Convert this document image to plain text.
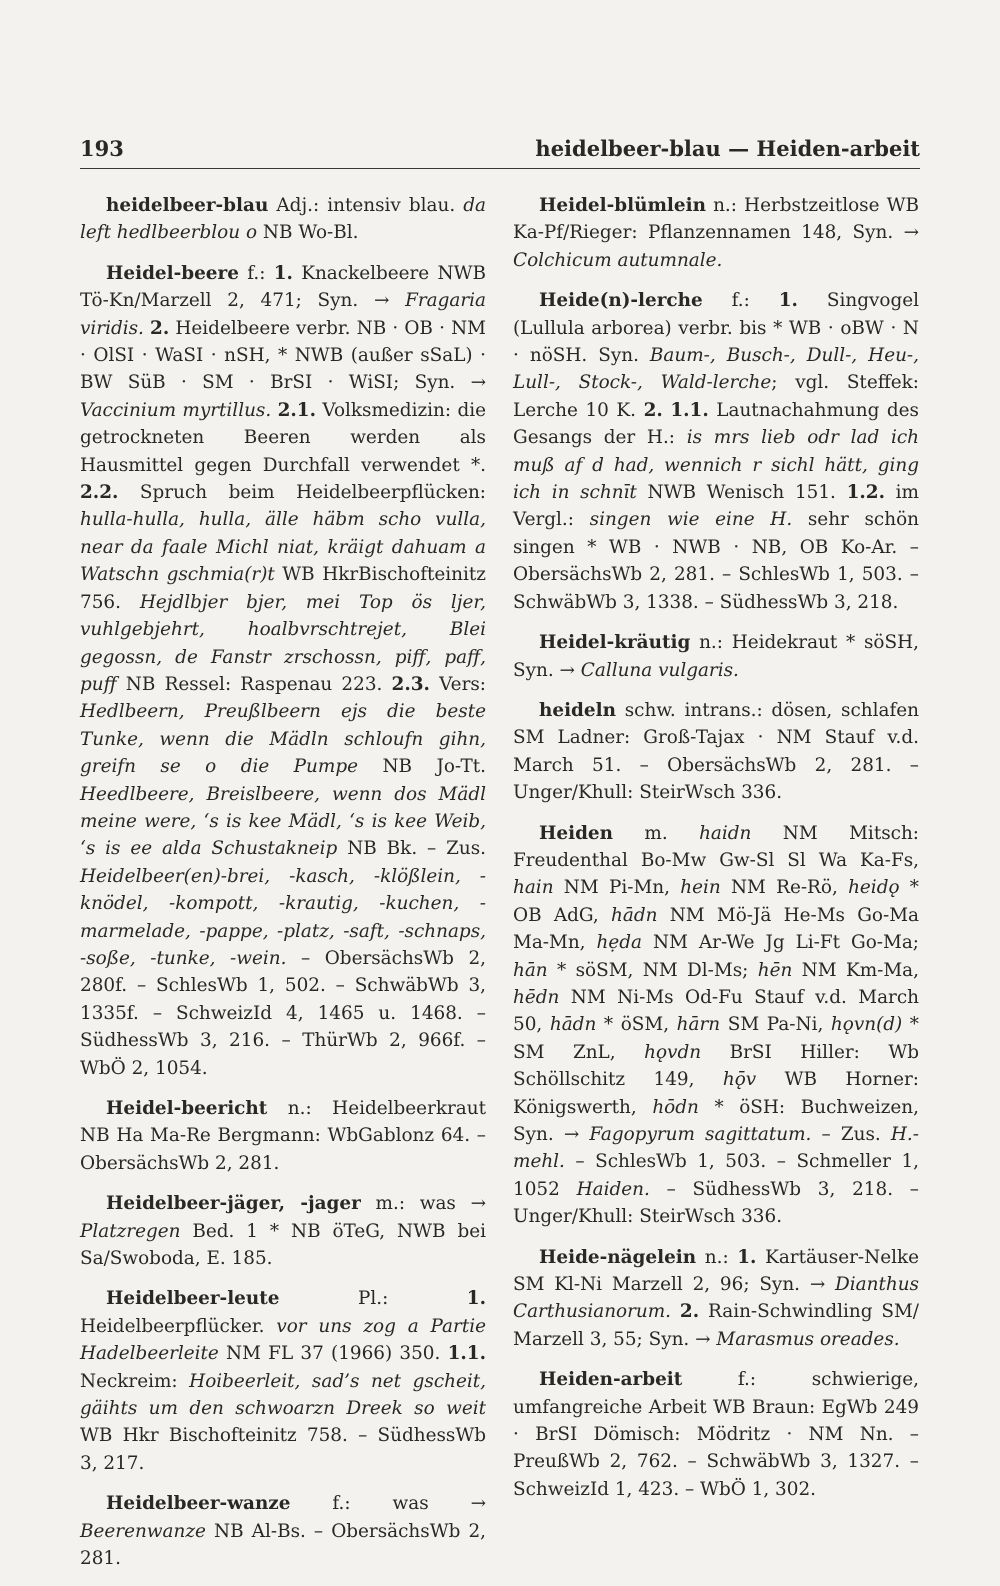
193	heidelbeer-blau — Heiden-arbeit

heidelbeer-blau Adj.: intensiv blau. da left hedlbeerblou o NB Wo-Bl.

Heidel-beere f.: 1. Knackelbeere NWB Tö-Kn/Marzell 2, 471; Syn. → Fragaria viridis. 2. Heidelbeere verbr. NB · OB · NM · OlSI · WaSI · nSH, * NWB (außer sSaL) · BW SüB · SM · BrSI · WiSI; Syn. → Vaccinium myrtillus. 2.1. Volksmedizin: die getrockneten Beeren werden als Hausmittel gegen Durchfall verwendet *. 2.2. Spruch beim Heidelbeerpflücken: hulla-hulla, hulla, älle häbm scho vulla, near da faale Michl niat, kräigt dahuam a Watschn gschmia(r)t WB HkrBischofteinitz 756. Hejdlbjer bjer, mei Top ös ljer, vuhlgebjehrt, hoalbvrschtrejet, Blei gegossn, de Fanstr zrschossn, piff, paff, puff NB Ressel: Raspenau 223. 2.3. Vers: Hedlbeern, Preußlbeern ejs die beste Tunke, wenn die Mädln schloufn gihn, greifn se o die Pumpe NB Jo-Tt. Heedlbeere, Breislbeere, wenn dos Mädl meine were, ‘s is kee Mädl, ‘s is kee Weib, ‘s is ee alda Schustakneip NB Bk. – Zus. Heidelbeer(en)-brei, -kasch, -klößlein, -knödel, -kompott, -krautig, -kuchen, -marmelade, -pappe, -platz, -saft, -schnaps, -soße, -tunke, -wein. – ObersächsWb 2, 280f. – SchlesWb 1, 502. – SchwäbWb 3, 1335f. – SchweizId 4, 1465 u. 1468. – SüdhessWb 3, 216. – ThürWb 2, 966f. – WbÖ 2, 1054.

Heidel-beericht n.: Heidelbeerkraut NB Ha Ma-Re Bergmann: WbGablonz 64. – ObersächsWb 2, 281.

Heidelbeer-jäger, -jager m.: was → Platzregen Bed. 1 * NB öTeG, NWB bei Sa/Swoboda, E. 185.

Heidelbeer-leute Pl.: 1. Heidelbeerpflücker. vor uns zog a Partie Hadelbeerleite NM FL 37 (1966) 350. 1.1. Neckreim: Hoibeerleit, sad’s net gscheit, gäihts um den schwoarzn Dreek so weit WB Hkr Bischofteinitz 758. – SüdhessWb 3, 217.

Heidelbeer-wanze f.: was → Beerenwanze NB Al-Bs. – ObersächsWb 2, 281.

Heidel-blümlein n.: Herbstzeitlose WB Ka-Pf/Rieger: Pflanzennamen 148, Syn. → Colchicum autumnale.

Heide(n)-lerche f.: 1. Singvogel (Lullula arborea) verbr. bis * WB · oBW · N · nöSH. Syn. Baum-, Busch-, Dull-, Heu-, Lull-, Stock-, Wald-lerche; vgl. Steffek: Lerche 10 K. 2. 1.1. Lautnachahmung des Gesangs der H.: is mrs lieb odr lad ich muß af d had, wennich r sichl hätt, ging ich in schnīt NWB Wenisch 151. 1.2. im Vergl.: singen wie eine H. sehr schön singen * WB · NWB · NB, OB Ko-Ar. – ObersächsWb 2, 281. – SchlesWb 1, 503. – SchwäbWb 3, 1338. – SüdhessWb 3, 218.

Heidel-kräutig n.: Heidekraut * söSH, Syn. → Calluna vulgaris.

heideln schw. intrans.: dösen, schlafen SM Ladner: Groß-Tajax · NM Stauf v.d. March 51. – ObersächsWb 2, 281. – Unger/Khull: SteirWsch 336.

Heiden m. haidn NM Mitsch: Freudenthal Bo-Mw Gw-Sl Sl Wa Ka-Fs, hain NM Pi-Mn, hein NM Re-Rö, heidǫ * OB AdG, hādn NM Mö-Jä He-Ms Go-Ma Ma-Mn, hẹda NM Ar-We Jg Li-Ft Go-Ma; hān * söSM, NM Dl-Ms; hēn NM Km-Ma, hēdn NM Ni-Ms Od-Fu Stauf v.d. March 50, hādn * öSM, hārn SM Pa-Ni, hǫvn(d) * SM ZnL, hǫvdn BrSI Hiller: Wb Schöllschitz 149, hǭv WB Horner: Königswerth, hōdn * öSH: Buchweizen, Syn. → Fagopyrum sagittatum. – Zus. H.-mehl. – SchlesWb 1, 503. – Schmeller 1, 1052 Haiden. – SüdhessWb 3, 218. – Unger/Khull: SteirWsch 336.

Heide-nägelein n.: 1. Kartäuser-Nelke SM Kl-Ni Marzell 2, 96; Syn. → Dianthus Carthusianorum. 2. Rain-Schwindling SM/ Marzell 3, 55; Syn. → Marasmus oreades.

Heiden-arbeit f.: schwierige, umfangreiche Arbeit WB Braun: EgWb 249 · BrSI Dömisch: Mödritz · NM Nn. – PreußWb 2, 762. – SchwäbWb 3, 1327. – SchweizId 1, 423. – WbÖ 1, 302.
